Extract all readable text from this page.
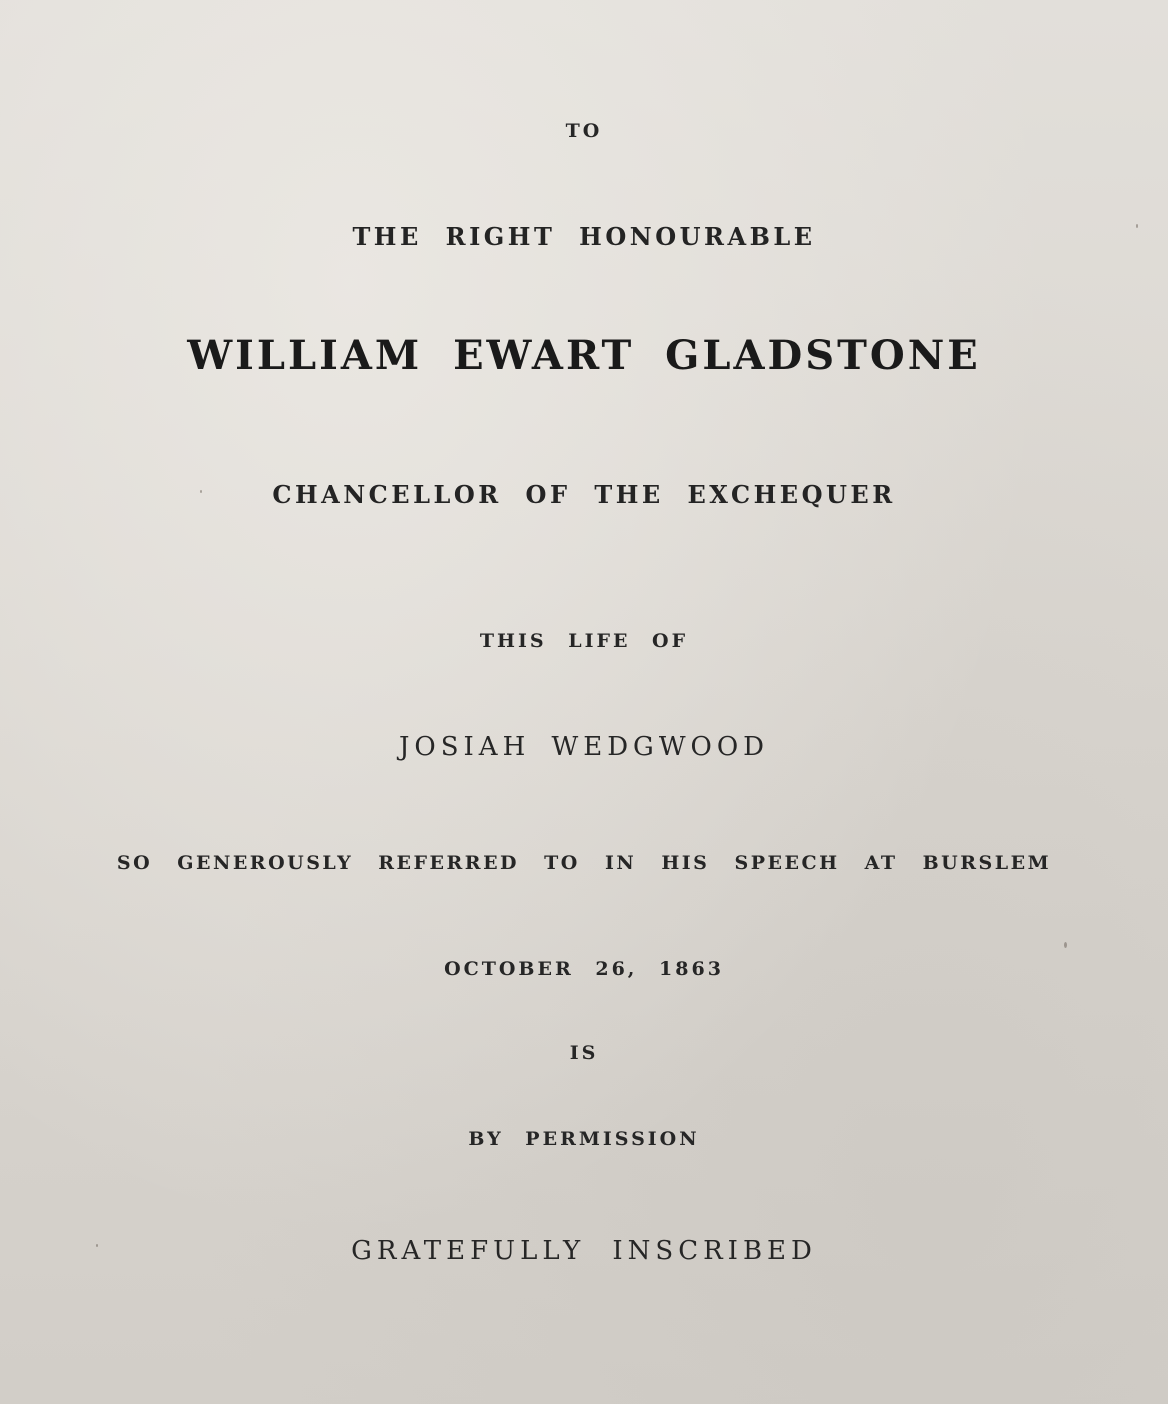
TO
THE RIGHT HONOURABLE
WILLIAM EWART GLADSTONE
CHANCELLOR OF THE EXCHEQUER
THIS LIFE OF
JOSIAH WEDGWOOD
SO GENEROUSLY REFERRED TO IN HIS SPEECH AT BURSLEM
OCTOBER 26, 1863
IS
BY PERMISSION
GRATEFULLY INSCRIBED
